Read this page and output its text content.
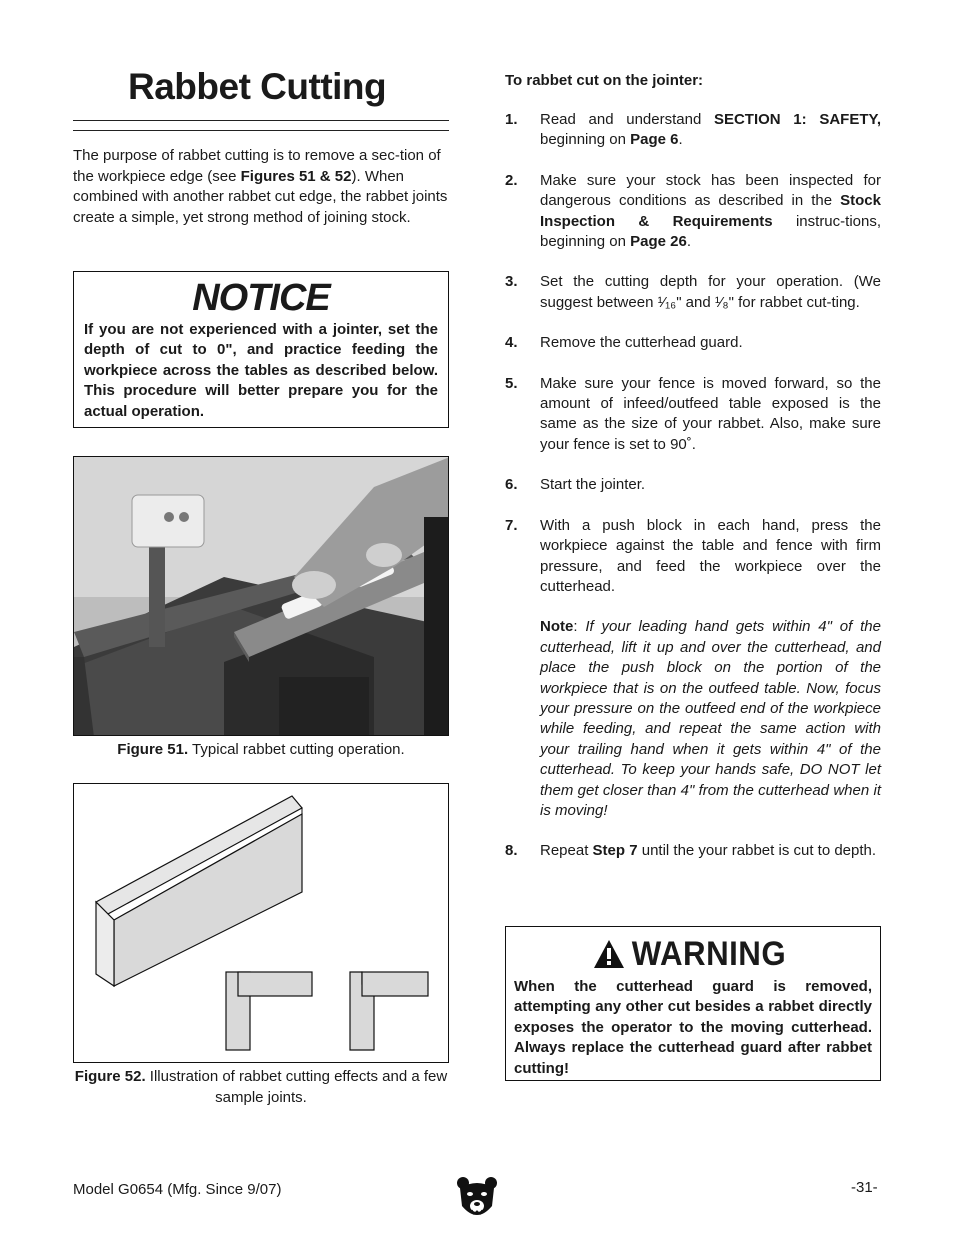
Rabbet Cutting

The purpose of rabbet cutting is to remove a sec-tion of the workpiece edge (see Figures 51 & 52). When combined with another rabbet cut edge, the rabbet joints create a simple, yet strong method of joining stock.

NOTICE
If you are not experienced with a jointer, set the depth of cut to 0", and practice feeding the workpiece across the tables as described below. This procedure will better prepare you for the actual operation.

Figure 51. Typical rabbet cutting operation.

Figure 52. Illustration of rabbet cutting effects and a few sample joints.

To rabbet cut on the jointer:
1. Read and understand SECTION 1: SAFETY, beginning on Page 6.
2. Make sure your stock has been inspected for dangerous conditions as described in the Stock Inspection & Requirements instruc-tions, beginning on Page 26.
3. Set the cutting depth for your operation. (We suggest between ¹⁄₁₆" and ¹⁄₈" for rabbet cut-ting.
4. Remove the cutterhead guard.
5. Make sure your fence is moved forward, so the amount of infeed/outfeed table exposed is the same as the size of your rabbet. Also, make sure your fence is set to 90˚.
6. Start the jointer.
7. With a push block in each hand, press the workpiece against the table and fence with firm pressure, and feed the workpiece over the cutterhead.
Note: If your leading hand gets within 4" of the cutterhead, lift it up and over the cutterhead, and place the push block on the portion of the workpiece that is on the outfeed table. Now, focus your pressure on the outfeed end of the workpiece while feeding, and repeat the same action with your trailing hand when it gets within 4" of the cutterhead. To keep your hands safe, DO NOT let them get closer than 4" from the cutterhead when it is moving!
8. Repeat Step 7 until the your rabbet is cut to depth.
WARNING
When the cutterhead guard is removed, attempting any other cut besides a rabbet directly exposes the operator to the moving cutterhead. Always replace the cutterhead guard after rabbet cutting!
Model G0654 (Mfg. Since 9/07)	-31-
